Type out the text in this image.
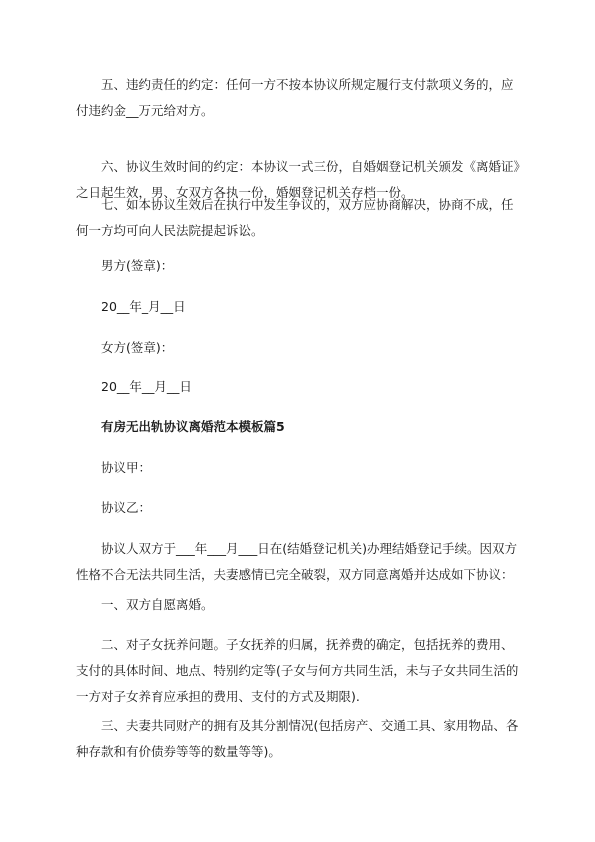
五、违约责任的约定：任何一方不按本协议所规定履行支付款项义务的，应付违约金__万元给对方。

六、协议生效时间的约定：本协议一式三份，自婚姻登记机关颁发《离婚证》之日起生效，男、女双方各执一份，婚姻登记机关存档一份。

七、如本协议生效后在执行中发生争议的，双方应协商解决，协商不成，任何一方均可向人民法院提起诉讼。

男方(签章)：

20__年_月__日

女方(签章)：

20__年__月__日

有房无出轨协议离婚范本模板篇5

协议甲：

协议乙：

协议人双方于___年___月___日在(结婚登记机关)办理结婚登记手续。因双方性格不合无法共同生活，夫妻感情已完全破裂，双方同意离婚并达成如下协议：

一、双方自愿离婚。

二、对子女抚养问题。子女抚养的归属，抚养费的确定，包括抚养的费用、支付的具体时间、地点、特别约定等(子女与何方共同生活，未与子女共同生活的一方对子女养育应承担的费用、支付的方式及期限).

三、夫妻共同财产的拥有及其分割情况(包括房产、交通工具、家用物品、各种存款和有价债券等等的数量等等)。
